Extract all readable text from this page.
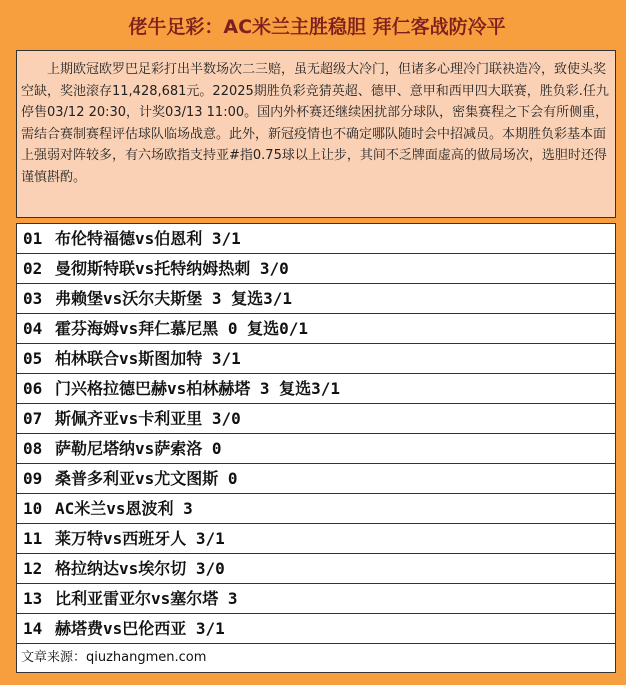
佬牛足彩：AC米兰主胜稳胆 拜仁客战防冷平
上期欧冠欧罗巴足彩打出半数场次二三赔，虽无超级大冷门，但诸多心理冷门联袂造冷，致使头奖空缺，奖池滚存11,428,681元。22025期胜负彩竞猜英超、德甲、意甲和西甲四大联赛，胜负彩.任九停售03/12 20:30，计奖03/13 11:00。国内外杯赛还继续困扰部分球队，密集赛程之下会有所侧重，需结合赛制赛程评估球队临场战意。此外，新冠疫情也不确定哪队随时会中招减员。本期胜负彩基本面上强弱对阵较多，有六场欧指支持亚#指0.75球以上让步，其间不乏牌面虚高的做局场次，选胆时还得谨慎斟酌。
01 布伦特福德vs伯恩利 3/1
02 曼彻斯特联vs托特纳姆热刺 3/0
03 弗赖堡vs沃尔夫斯堡 3 复选3/1
04 霍芬海姆vs拜仁慕尼黑 0 复选0/1
05 柏林联合vs斯图加特 3/1
06 门兴格拉德巴赫vs柏林赫塔 3 复选3/1
07 斯佩齐亚vs卡利亚里 3/0
08 萨勒尼塔纳vs萨索洛 0
09 桑普多利亚vs尤文图斯 0
10 AC米兰vs恩波利 3
11 莱万特vs西班牙人 3/1
12 格拉纳达vs埃尔切 3/0
13 比利亚雷亚尔vs塞尔塔 3
14 赫塔费vs巴伦西亚 3/1
文章来源：qiuzhangmen.com
